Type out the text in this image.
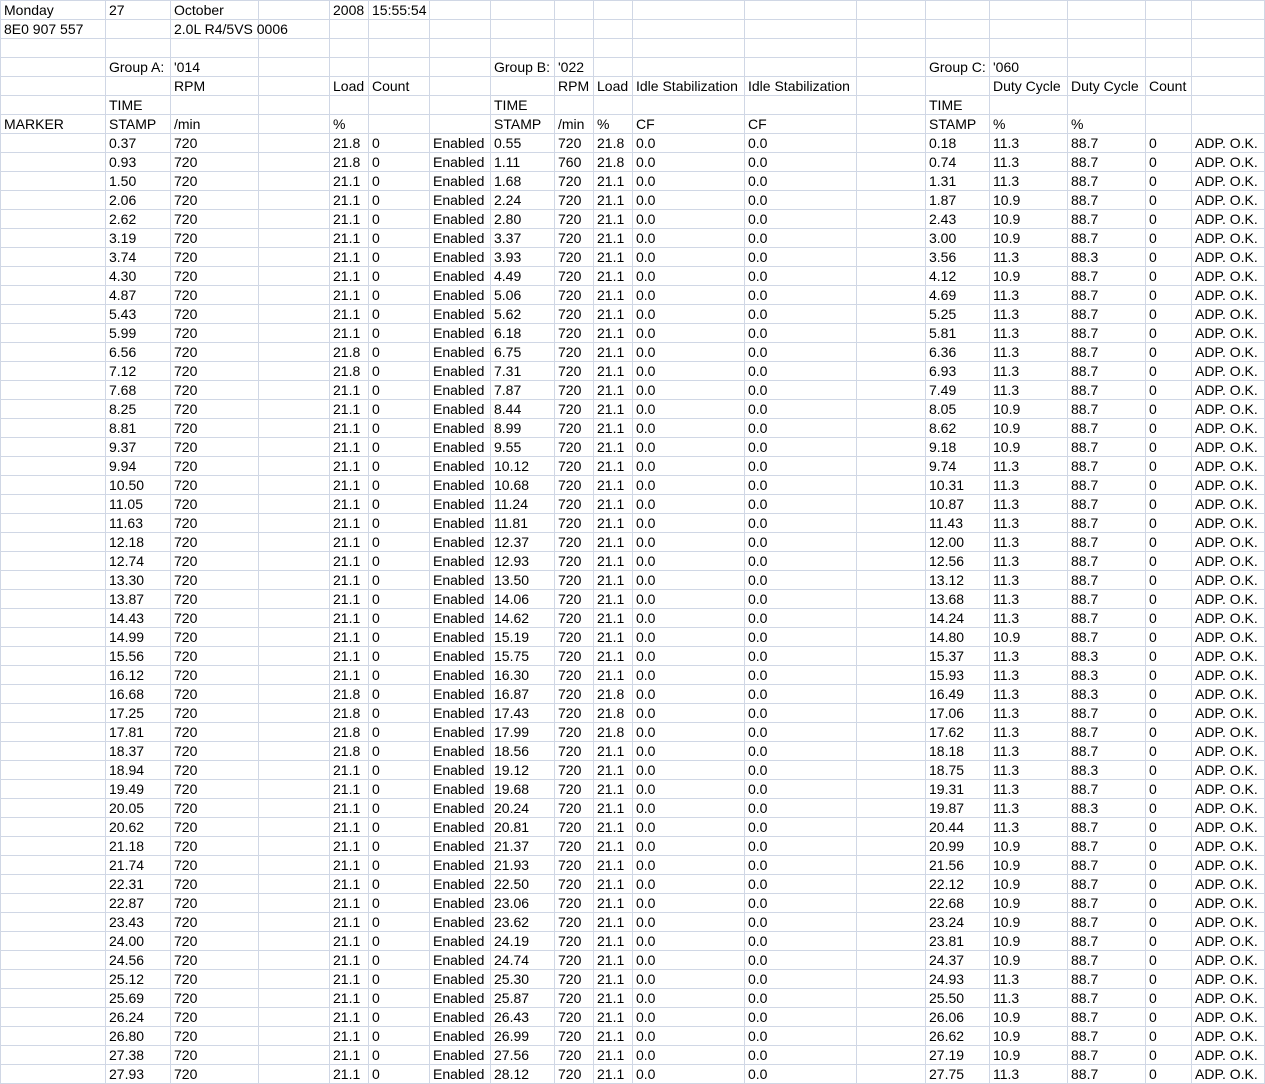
Monday	27	October		2008	15:55:54												
8E0 907 557		2.0L R4/5VS 0006															

	Group A:	'014					Group B:	'022					Group C:	'060			
		RPM		Load	Count			RPM	Load	Idle Stabilization	Idle Stabilization			Duty Cycle	Duty Cycle	Count	
	TIME						TIME						TIME				
MARKER	STAMP	/min		%			STAMP	/min	%	CF	CF		STAMP	%	%		
	0.37	720		21.8	0	Enabled	0.55	720	21.8	0.0	0.0		0.18	11.3	88.7	0	ADP. O.K.
	0.93	720		21.8	0	Enabled	1.11	760	21.8	0.0	0.0		0.74	11.3	88.7	0	ADP. O.K.
	1.50	720		21.1	0	Enabled	1.68	720	21.1	0.0	0.0		1.31	11.3	88.7	0	ADP. O.K.
	2.06	720		21.1	0	Enabled	2.24	720	21.1	0.0	0.0		1.87	10.9	88.7	0	ADP. O.K.
	2.62	720		21.1	0	Enabled	2.80	720	21.1	0.0	0.0		2.43	10.9	88.7	0	ADP. O.K.
	3.19	720		21.1	0	Enabled	3.37	720	21.1	0.0	0.0		3.00	10.9	88.7	0	ADP. O.K.
	3.74	720		21.1	0	Enabled	3.93	720	21.1	0.0	0.0		3.56	11.3	88.3	0	ADP. O.K.
	4.30	720		21.1	0	Enabled	4.49	720	21.1	0.0	0.0		4.12	10.9	88.7	0	ADP. O.K.
	4.87	720		21.1	0	Enabled	5.06	720	21.1	0.0	0.0		4.69	11.3	88.7	0	ADP. O.K.
	5.43	720		21.1	0	Enabled	5.62	720	21.1	0.0	0.0		5.25	11.3	88.7	0	ADP. O.K.
	5.99	720		21.1	0	Enabled	6.18	720	21.1	0.0	0.0		5.81	11.3	88.7	0	ADP. O.K.
	6.56	720		21.8	0	Enabled	6.75	720	21.1	0.0	0.0		6.36	11.3	88.7	0	ADP. O.K.
	7.12	720		21.8	0	Enabled	7.31	720	21.1	0.0	0.0		6.93	11.3	88.7	0	ADP. O.K.
	7.68	720		21.1	0	Enabled	7.87	720	21.1	0.0	0.0		7.49	11.3	88.7	0	ADP. O.K.
	8.25	720		21.1	0	Enabled	8.44	720	21.1	0.0	0.0		8.05	10.9	88.7	0	ADP. O.K.
	8.81	720		21.1	0	Enabled	8.99	720	21.1	0.0	0.0		8.62	10.9	88.7	0	ADP. O.K.
	9.37	720		21.1	0	Enabled	9.55	720	21.1	0.0	0.0		9.18	10.9	88.7	0	ADP. O.K.
	9.94	720		21.1	0	Enabled	10.12	720	21.1	0.0	0.0		9.74	11.3	88.7	0	ADP. O.K.
	10.50	720		21.1	0	Enabled	10.68	720	21.1	0.0	0.0		10.31	11.3	88.7	0	ADP. O.K.
	11.05	720		21.1	0	Enabled	11.24	720	21.1	0.0	0.0		10.87	11.3	88.7	0	ADP. O.K.
	11.63	720		21.1	0	Enabled	11.81	720	21.1	0.0	0.0		11.43	11.3	88.7	0	ADP. O.K.
	12.18	720		21.1	0	Enabled	12.37	720	21.1	0.0	0.0		12.00	11.3	88.7	0	ADP. O.K.
	12.74	720		21.1	0	Enabled	12.93	720	21.1	0.0	0.0		12.56	11.3	88.7	0	ADP. O.K.
	13.30	720		21.1	0	Enabled	13.50	720	21.1	0.0	0.0		13.12	11.3	88.7	0	ADP. O.K.
	13.87	720		21.1	0	Enabled	14.06	720	21.1	0.0	0.0		13.68	11.3	88.7	0	ADP. O.K.
	14.43	720		21.1	0	Enabled	14.62	720	21.1	0.0	0.0		14.24	11.3	88.7	0	ADP. O.K.
	14.99	720		21.1	0	Enabled	15.19	720	21.1	0.0	0.0		14.80	10.9	88.7	0	ADP. O.K.
	15.56	720		21.1	0	Enabled	15.75	720	21.1	0.0	0.0		15.37	11.3	88.3	0	ADP. O.K.
	16.12	720		21.1	0	Enabled	16.30	720	21.1	0.0	0.0		15.93	11.3	88.3	0	ADP. O.K.
	16.68	720		21.8	0	Enabled	16.87	720	21.8	0.0	0.0		16.49	11.3	88.3	0	ADP. O.K.
	17.25	720		21.8	0	Enabled	17.43	720	21.8	0.0	0.0		17.06	11.3	88.7	0	ADP. O.K.
	17.81	720		21.8	0	Enabled	17.99	720	21.8	0.0	0.0		17.62	11.3	88.7	0	ADP. O.K.
	18.37	720		21.8	0	Enabled	18.56	720	21.1	0.0	0.0		18.18	11.3	88.7	0	ADP. O.K.
	18.94	720		21.1	0	Enabled	19.12	720	21.1	0.0	0.0		18.75	11.3	88.3	0	ADP. O.K.
	19.49	720		21.1	0	Enabled	19.68	720	21.1	0.0	0.0		19.31	11.3	88.7	0	ADP. O.K.
	20.05	720		21.1	0	Enabled	20.24	720	21.1	0.0	0.0		19.87	11.3	88.3	0	ADP. O.K.
	20.62	720		21.1	0	Enabled	20.81	720	21.1	0.0	0.0		20.44	11.3	88.7	0	ADP. O.K.
	21.18	720		21.1	0	Enabled	21.37	720	21.1	0.0	0.0		20.99	10.9	88.7	0	ADP. O.K.
	21.74	720		21.1	0	Enabled	21.93	720	21.1	0.0	0.0		21.56	10.9	88.7	0	ADP. O.K.
	22.31	720		21.1	0	Enabled	22.50	720	21.1	0.0	0.0		22.12	10.9	88.7	0	ADP. O.K.
	22.87	720		21.1	0	Enabled	23.06	720	21.1	0.0	0.0		22.68	10.9	88.7	0	ADP. O.K.
	23.43	720		21.1	0	Enabled	23.62	720	21.1	0.0	0.0		23.24	10.9	88.7	0	ADP. O.K.
	24.00	720		21.1	0	Enabled	24.19	720	21.1	0.0	0.0		23.81	10.9	88.7	0	ADP. O.K.
	24.56	720		21.1	0	Enabled	24.74	720	21.1	0.0	0.0		24.37	10.9	88.7	0	ADP. O.K.
	25.12	720		21.1	0	Enabled	25.30	720	21.1	0.0	0.0		24.93	11.3	88.7	0	ADP. O.K.
	25.69	720		21.1	0	Enabled	25.87	720	21.1	0.0	0.0		25.50	11.3	88.7	0	ADP. O.K.
	26.24	720		21.1	0	Enabled	26.43	720	21.1	0.0	0.0		26.06	10.9	88.7	0	ADP. O.K.
	26.80	720		21.1	0	Enabled	26.99	720	21.1	0.0	0.0		26.62	10.9	88.7	0	ADP. O.K.
	27.38	720		21.1	0	Enabled	27.56	720	21.1	0.0	0.0		27.19	10.9	88.7	0	ADP. O.K.
	27.93	720		21.1	0	Enabled	28.12	720	21.1	0.0	0.0		27.75	11.3	88.7	0	ADP. O.K.
